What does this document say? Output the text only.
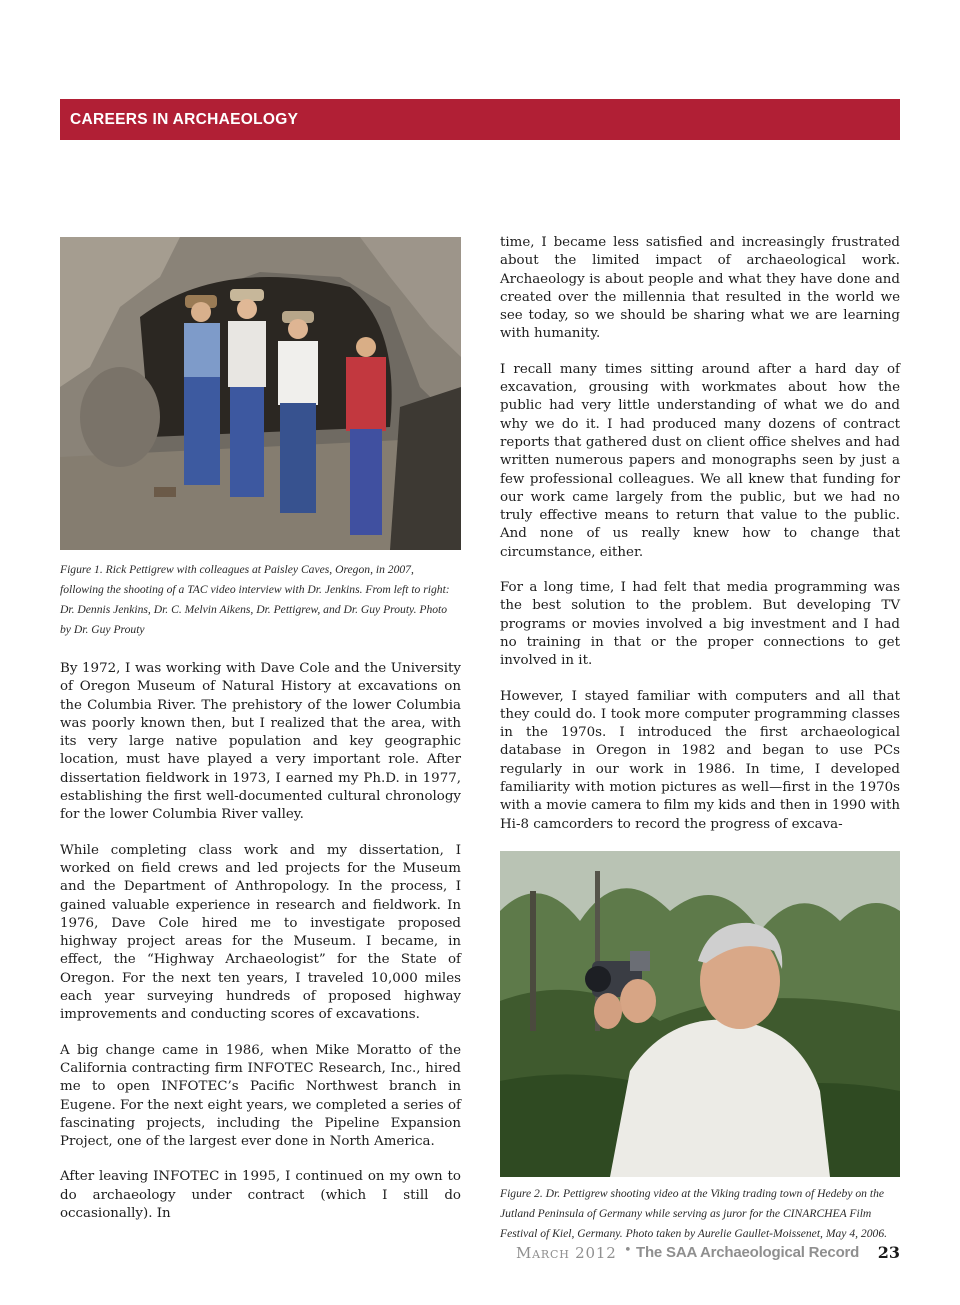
CAREERS IN ARCHAEOLOGY

Figure 1. Rick Pettigrew with colleagues at Paisley Caves, Oregon, in 2007, following the shooting of a TAC video interview with Dr. Jenkins. From left to right: Dr. Dennis Jenkins, Dr. C. Melvin Aikens, Dr. Pettigrew, and Dr. Guy Prouty. Photo by Dr. Guy Prouty

By 1972, I was working with Dave Cole and the University of Oregon Museum of Natural History at excavations on the Columbia River. The prehistory of the lower Columbia was poorly known then, but I realized that the area, with its very large native population and key geographic location, must have played a very important role. After dissertation fieldwork in 1973, I earned my Ph.D. in 1977, establishing the first well-documented cultural chronology for the lower Columbia River valley.

While completing class work and my dissertation, I worked on field crews and led projects for the Museum and the Department of Anthropology. In the process, I gained valuable experience in research and fieldwork. In 1976, Dave Cole hired me to investigate proposed highway project areas for the Museum. I became, in effect, the “Highway Archaeologist” for the State of Oregon. For the next ten years, I traveled 10,000 miles each year surveying hundreds of proposed highway improvements and conducting scores of excavations.

A big change came in 1986, when Mike Moratto of the California contracting firm INFOTEC Research, Inc., hired me to open INFOTEC’s Pacific Northwest branch in Eugene. For the next eight years, we completed a series of fascinating projects, including the Pipeline Expansion Project, one of the largest ever done in North America.

After leaving INFOTEC in 1995, I continued on my own to do archaeology under contract (which I still do occasionally). In

time, I became less satisfied and increasingly frustrated about the limited impact of archaeological work. Archaeology is about people and what they have done and created over the millennia that resulted in the world we see today, so we should be sharing what we are learning with humanity.

I recall many times sitting around after a hard day of excavation, grousing with workmates about how the public had very little understanding of what we do and why we do it. I had produced many dozens of contract reports that gathered dust on client office shelves and had written numerous papers and monographs seen by just a few professional colleagues. We all knew that funding for our work came largely from the public, but we had no truly effective means to return that value to the public. And none of us really knew how to change that circumstance, either.

For a long time, I had felt that media programming was the best solution to the problem. But developing TV programs or movies involved a big investment and I had no training in that or the proper connections to get involved in it.

However, I stayed familiar with computers and all that they could do. I took more computer programming classes in the 1970s. I introduced the first archaeological database in Oregon in 1982 and began to use PCs regularly in our work in 1986. In time, I developed familiarity with motion pictures as well—first in the 1970s with a movie camera to film my kids and then in 1990 with Hi-8 camcorders to record the progress of excava-

Figure 2. Dr. Pettigrew shooting video at the Viking trading town of Hedeby on the Jutland Peninsula of Germany while serving as juror for the CINARCHEA Film Festival of Kiel, Germany. Photo taken by Aurelie Gaullet-Moissenet, May 4, 2006.

March 2012 • The SAA Archaeological Record 23
